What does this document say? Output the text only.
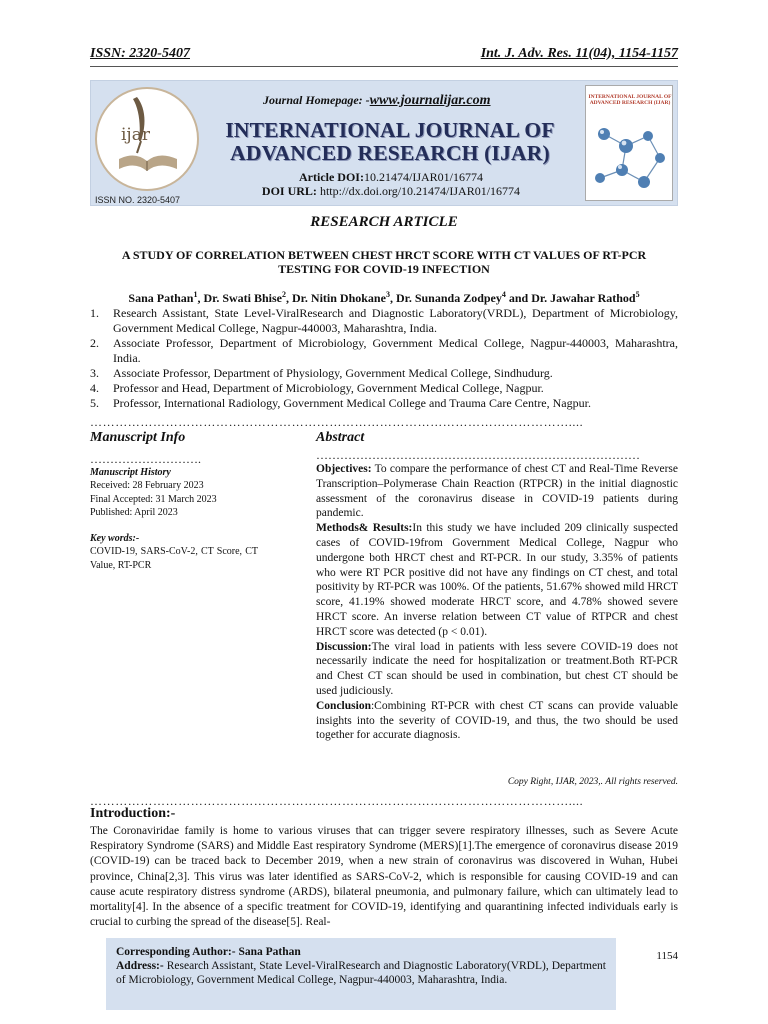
ISSN: 2320-5407	Int. J. Adv. Res. 11(04), 1154-1157
ijar
ISSN NO. 2320-5407
Journal Homepage: -www.journalijar.com
INTERNATIONAL JOURNAL OF
ADVANCED RESEARCH (IJAR)
Article DOI:10.21474/IJAR01/16774
DOI URL: http://dx.doi.org/10.21474/IJAR01/16774
INTERNATIONAL JOURNAL OF ADVANCED RESEARCH (IJAR)
RESEARCH ARTICLE
A STUDY OF CORRELATION BETWEEN CHEST HRCT SCORE WITH CT VALUES OF RT-PCR
TESTING FOR COVID-19 INFECTION
Sana Pathan$^1$, Dr. Swati Bhise$^2$, Dr. Nitin Dhokane$^3$, Dr. Sunanda Zodpey$^4$ and Dr. Jawahar Rathod$^5$
1. Research Assistant, State Level-ViralResearch and Diagnostic Laboratory(VRDL), Department of Microbiology, Government Medical College, Nagpur-440003, Maharashtra, India.
2. Associate Professor, Department of Microbiology, Government Medical College, Nagpur-440003, Maharashtra, India.
3. Associate Professor, Department of Physiology, Government Medical College, Sindhudurg.
4. Professor and Head, Department of Microbiology, Government Medical College, Nagpur.
5. Professor, International Radiology, Government Medical College and Trauma Care Centre, Nagpur.
……………………………………………………………………………………………………....
Manuscript Info	Abstract
……………………….	………………………………………………………………………
Manuscript History
Received: 28 February 2023
Final Accepted: 31 March 2023
Published: April 2023
Key words:-
COVID-19, SARS-CoV-2, CT Score, CT Value, RT-PCR

Objectives: To compare the performance of chest CT and Real-Time Reverse Transcription–Polymerase Chain Reaction (RTPCR) in the initial diagnostic assessment of the coronavirus disease in COVID-19 patients during pandemic.

Methods& Results:In this study we have included 209 clinically suspected cases of COVID-19from Government Medical College, Nagpur who undergone both HRCT chest and RT-PCR. In our study, 3.35% of patients who were RT PCR positive did not have any findings on CT chest, and total positivity by RT-PCR was 100%. Of the patients, 51.67% showed mild HRCT score, 41.19% showed moderate HRCT score, and 4.78% showed severe HRCT score. An inverse relation between CT value of RTPCR and chest HRCT score was detected (p < 0.01).

Discussion:The viral load in patients with less severe COVID-19 does not necessarily indicate the need for hospitalization or treatment.Both RT-PCR and Chest CT scan should be used in combination, but chest CT should be used judiciously.

Conclusion:Combining RT-PCR with chest CT scans can provide valuable insights into the severity of COVID-19, and thus, the two should be used together for accurate diagnosis.

Copy Right, IJAR, 2023,. All rights reserved.
……………………………………………………………………………………………………....
Introduction:-

The Coronaviridae family is home to various viruses that can trigger severe respiratory illnesses, such as Severe Acute Respiratory Syndrome (SARS) and Middle East respiratory Syndrome (MERS)[1].The emergence of coronavirus disease 2019 (COVID-19) can be traced back to December 2019, when a new strain of coronavirus was discovered in Wuhan, Hubei province, China[2,3]. This virus was later identified as SARS-CoV-2, which is responsible for causing COVID-19 and can cause acute respiratory distress syndrome (ARDS), bilateral pneumonia, and pulmonary failure, which can ultimately lead to mortality[4]. In the absence of a specific treatment for COVID-19, identifying and quarantining infected individuals early is crucial to curbing the spread of the disease[5]. Real-

Corresponding Author:- Sana Pathan
Address:- Research Assistant, State Level-ViralResearch and Diagnostic Laboratory(VRDL), Department of Microbiology, Government Medical College, Nagpur-440003, Maharashtra, India.
1154
